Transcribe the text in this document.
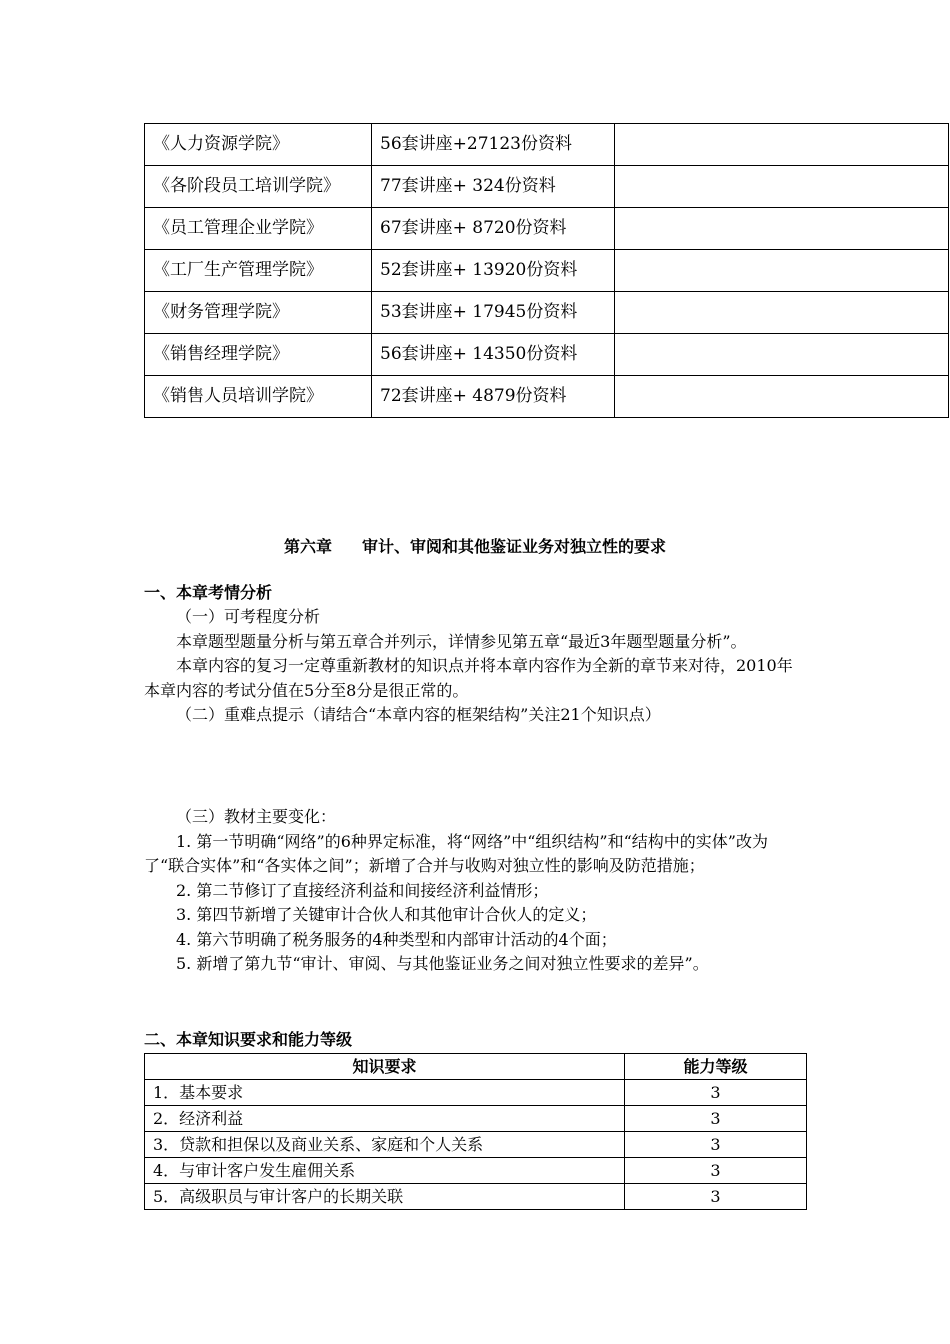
《人力资源学院》	56套讲座+27123份资料	
《各阶段员工培训学院》	77套讲座+ 324份资料	
《员工管理企业学院》	67套讲座+ 8720份资料	
《工厂生产管理学院》	52套讲座+ 13920份资料	
《财务管理学院》	53套讲座+ 17945份资料	
《销售经理学院》	56套讲座+ 14350份资料	
《销售人员培训学院》	72套讲座+ 4879份资料	
第六章 审计、审阅和其他鉴证业务对独立性的要求
一、本章考情分析

（一）可考程度分析

本章题型题量分析与第五章合并列示，详情参见第五章“最近3年题型题量分析”。

本章内容的复习一定尊重新教材的知识点并将本章内容作为全新的章节来对待，2010年本章内容的考试分值在5分至8分是很正常的。

（二）重难点提示（请结合“本章内容的框架结构”关注21个知识点）

（三）教材主要变化：

1. 第一节明确“网络”的6种界定标准，将“网络”中“组织结构”和“结构中的实体”改为了“联合实体”和“各实体之间”；新增了合并与收购对独立性的影响及防范措施；

2. 第二节修订了直接经济利益和间接经济利益情形；

3. 第四节新增了关键审计合伙人和其他审计合伙人的定义；

4. 第六节明确了税务服务的4种类型和内部审计活动的4个面；

5. 新增了第九节“审计、审阅、与其他鉴证业务之间对独立性要求的差异”。

二、本章知识要求和能力等级
知识要求	能力等级
1．基本要求	3
2．经济利益	3
3．贷款和担保以及商业关系、家庭和个人关系	3
4．与审计客户发生雇佣关系	3
5．高级职员与审计客户的长期关联	3
